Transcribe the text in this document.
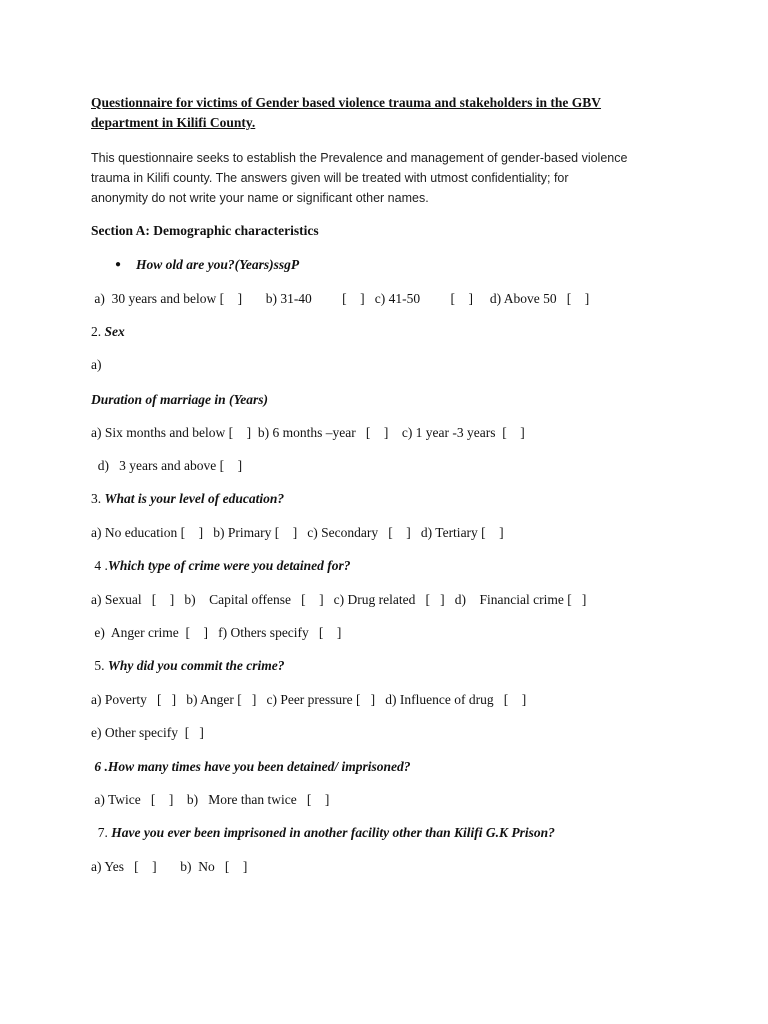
Questionnaire for victims of Gender based violence trauma and stakeholders in the GBV
department in Kilifi County.
This questionnaire seeks to establish the Prevalence and management of gender-based violence
trauma in Kilifi county. The answers given will be treated with utmost confidentiality; for
anonymity do not write your name or significant other names.
Section A: Demographic characteristics
● How old are you?(Years)ssgP
a)  30 years and below [    ]       b) 31-40         [    ]   c) 41-50         [    ]     d) Above 50   [    ]
2. Sex
a)
Duration of marriage in (Years)
a) Six months and below [    ]  b) 6 months –year   [    ]    c) 1 year -3 years  [    ]
d)   3 years and above [    ]
3. What is your level of education?
a) No education [    ]   b) Primary [    ]   c) Secondary   [    ]   d) Tertiary [    ]
4 .Which type of crime were you detained for?
a) Sexual   [    ]   b)    Capital offense   [    ]   c) Drug related   [   ]   d)    Financial crime [   ]
e)  Anger crime  [    ]   f) Others specify   [    ]
5. Why did you commit the crime?
a) Poverty   [   ]   b) Anger [   ]   c) Peer pressure [   ]   d) Influence of drug   [    ]
e) Other specify  [   ]
6 .How many times have you been detained/ imprisoned?
a) Twice   [    ]    b)   More than twice   [    ]
7. Have you ever been imprisoned in another facility other than Kilifi G.K Prison?
a) Yes   [    ]       b)  No   [    ]
